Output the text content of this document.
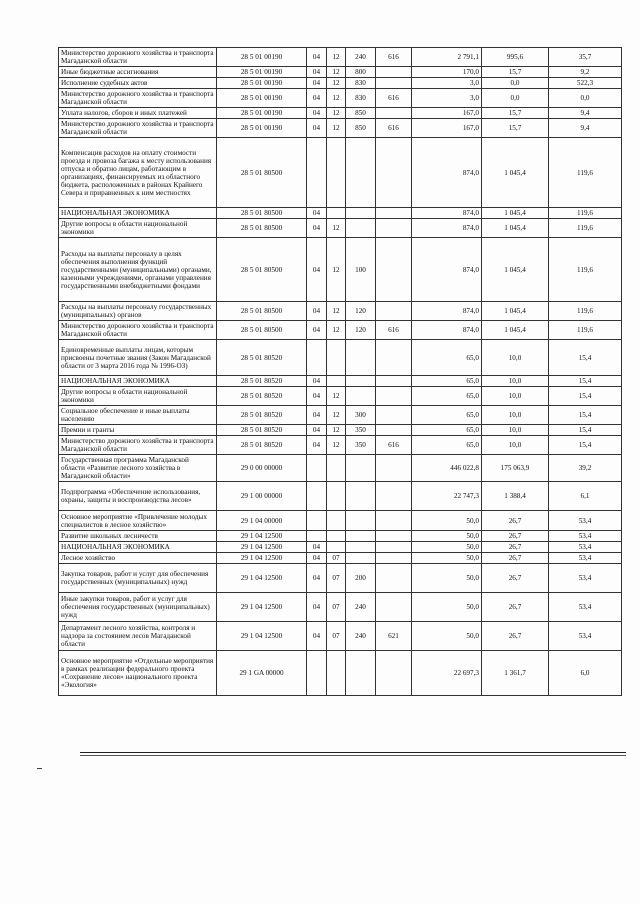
Министерство дорожного хозяйства и транспорта Магаданской области	28 5 01 00190	04	12	240	616	2 791,1	995,6	35,7
Иные бюджетные ассигнования	28 5 01 00190	04	12	800		170,0	15,7	9,2
Исполнение судебных актов	28 5 01 00190	04	12	830		3,0	0,0	522,3
Министерство дорожного хозяйства и транспорта Магаданской области	28 5 01 00190	04	12	830	616	3,0	0,0	0,0
Уплата налогов, сборов и иных платежей	28 5 01 00190	04	12	850		167,0	15,7	9,4
Министерство дорожного хозяйства и транспорта Магаданской области	28 5 01 00190	04	12	850	616	167,0	15,7	9,4
Компенсация расходов на оплату стоимости проезда и провоза багажа к месту использования отпуска и обратно лицам, работающим в организациях, финансируемых из областного бюджета, расположенных в районах Крайнего Севера и приравненных к ним местностях	28 5 01 80500					874,0	1 045,4	119,6
НАЦИОНАЛЬНАЯ ЭКОНОМИКА	28 5 01 80500	04				874,0	1 045,4	119,6
Другие вопросы в области национальной экономики	28 5 01 80500	04	12			874,0	1 045,4	119,6
Расходы на выплаты персоналу в целях обеспечения выполнения функций государственными (муниципальными) органами, казенными учреждениями, органами управления государственными внебюджетными фондами	28 5 01 80500	04	12	100		874,0	1 045,4	119,6
Расходы на выплаты персоналу государственных (муниципальных) органов	28 5 01 80500	04	12	120		874,0	1 045,4	119,6
Министерство дорожного хозяйства и транспорта Магаданской области	28 5 01 80500	04	12	120	616	874,0	1 045,4	119,6
Единовременные выплаты лицам, которым присвоены почетные звания (Закон Магаданской области от 3 марта 2016 года № 1996-ОЗ)	28 5 01 80520					65,0	10,0	15,4
НАЦИОНАЛЬНАЯ ЭКОНОМИКА	28 5 01 80520	04				65,0	10,0	15,4
Другие вопросы в области национальной экономики	28 5 01 80520	04	12			65,0	10,0	15,4
Социальное обеспечение и иные выплаты населению	28 5 01 80520	04	12	300		65,0	10,0	15,4
Премии и гранты	28 5 01 80520	04	12	350		65,0	10,0	15,4
Министерство дорожного хозяйства и транспорта Магаданской области	28 5 01 80520	04	12	350	616	65,0	10,0	15,4
Государственная программа Магаданской области «Развитие лесного хозяйства в Магаданской области»	29 0 00 00000					446 022,8	175 063,9	39,2
Подпрограмма «Обеспечение использования, охраны, защиты и воспроизводства лесов»	29 1 00 00000					22 747,3	1 388,4	6,1
Основное мероприятие «Привлечение молодых специалистов в лесное хозяйство»	29 1 04 00000					50,0	26,7	53,4
Развитие школьных лесничеств	29 1 04 12500					50,0	26,7	53,4
НАЦИОНАЛЬНАЯ ЭКОНОМИКА	29 1 04 12500	04				50,0	26,7	53,4
Лесное хозяйство	29 1 04 12500	04	07			50,0	26,7	53,4
Закупка товаров, работ и услуг для обеспечения государственных (муниципальных) нужд	29 1 04 12500	04	07	200		50,0	26,7	53,4
Иные закупки товаров, работ и услуг для обеспечения государственных (муниципальных) нужд	29 1 04 12500	04	07	240		50,0	26,7	53,4
Департамент лесного хозяйства, контроля и надзора за состоянием лесов Магаданской области	29 1 04 12500	04	07	240	621	50,0	26,7	53,4
Основное мероприятие «Отдельные мероприятия в рамках реализации федерального проекта «Сохранение лесов» национального проекта «Экология»	29 1 GA 00000					22 697,3	1 361,7	6,0
